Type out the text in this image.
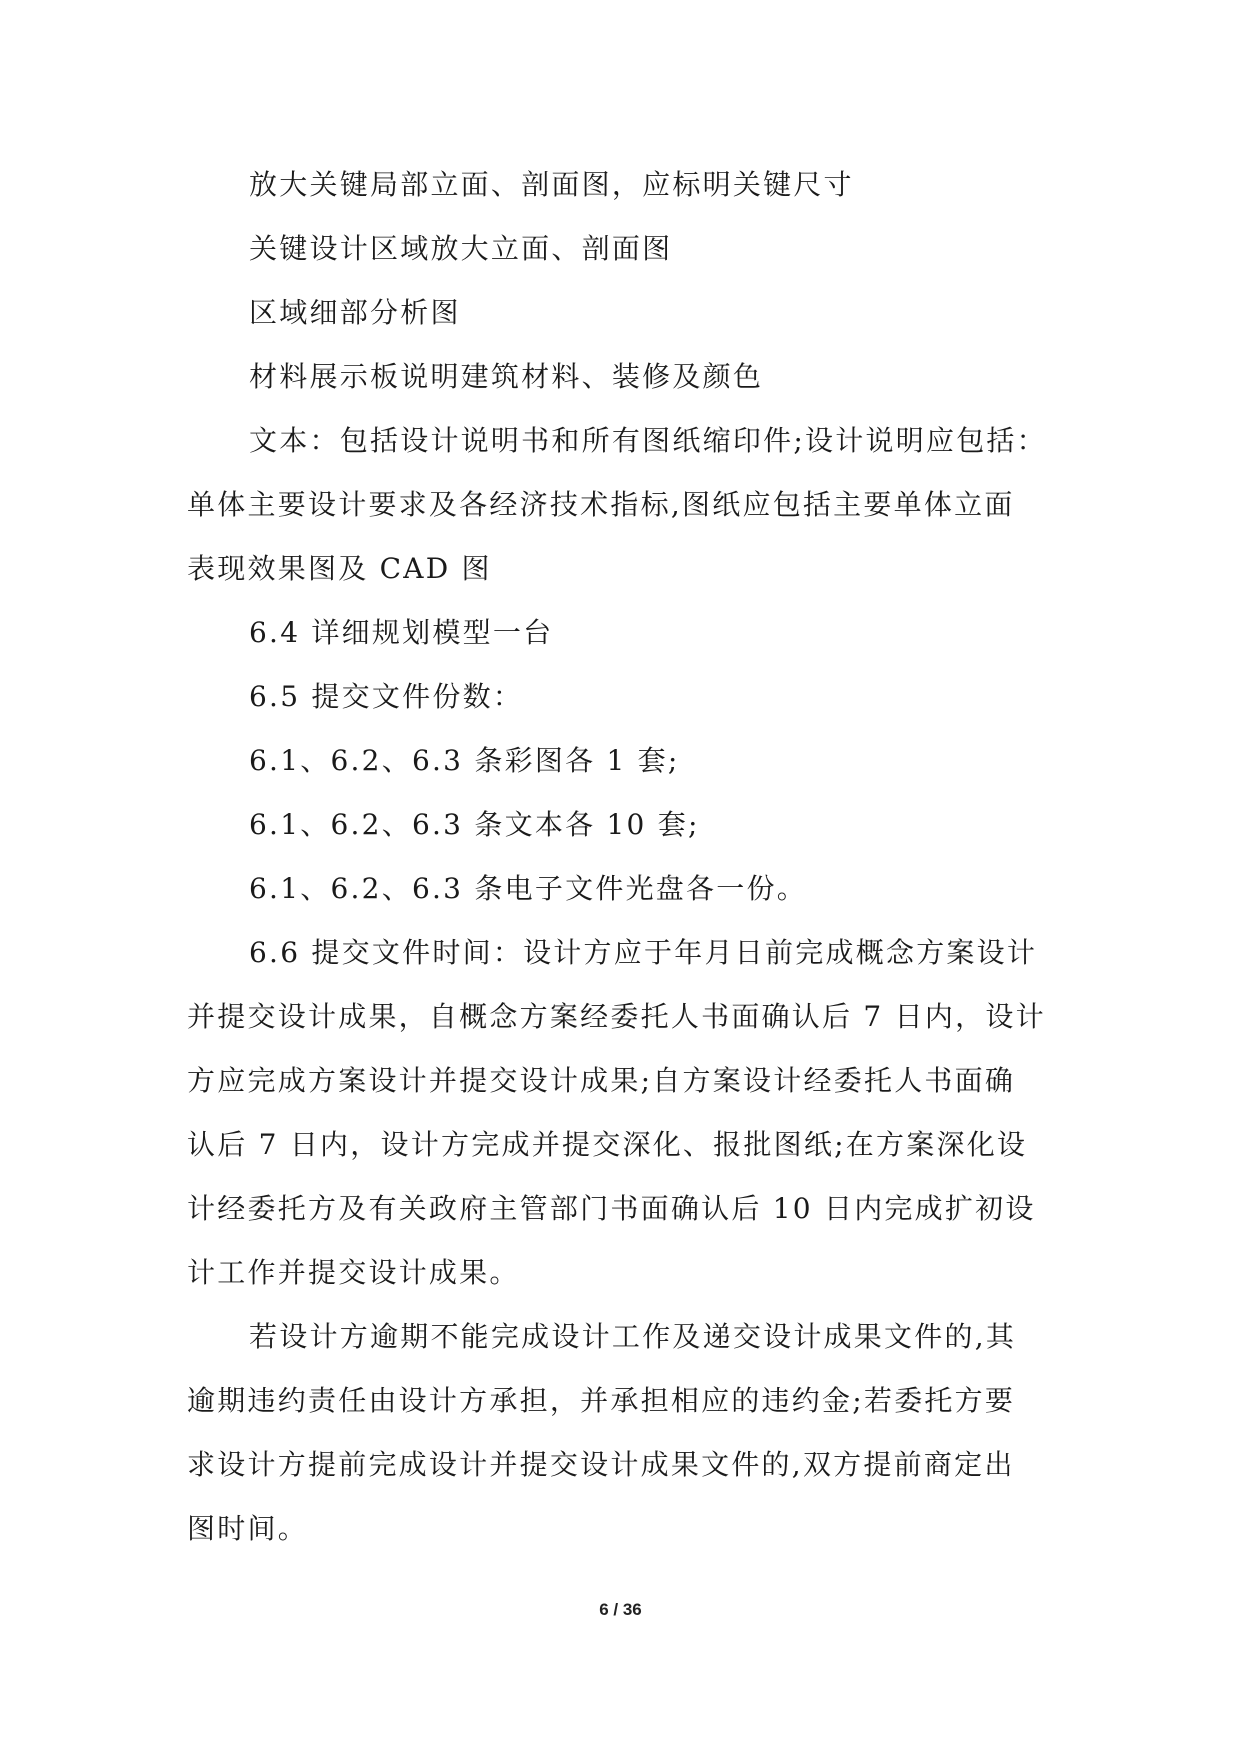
放大关键局部立面、剖面图，应标明关键尺寸
关键设计区域放大立面、剖面图
区域细部分析图
材料展示板说明建筑材料、装修及颜色
文本：包括设计说明书和所有图纸缩印件;设计说明应包括：
单体主要设计要求及各经济技术指标,图纸应包括主要单体立面
表现效果图及 CAD 图
6.4 详细规划模型一台
6.5 提交文件份数：
6.1、6.2、6.3 条彩图各 1 套;
6.1、6.2、6.3 条文本各 10 套;
6.1、6.2、6.3 条电子文件光盘各一份。
6.6 提交文件时间：设计方应于年月日前完成概念方案设计
并提交设计成果，自概念方案经委托人书面确认后 7 日内，设计
方应完成方案设计并提交设计成果;自方案设计经委托人书面确
认后 7 日内，设计方完成并提交深化、报批图纸;在方案深化设
计经委托方及有关政府主管部门书面确认后 10 日内完成扩初设
计工作并提交设计成果。
若设计方逾期不能完成设计工作及递交设计成果文件的,其
逾期违约责任由设计方承担，并承担相应的违约金;若委托方要
求设计方提前完成设计并提交设计成果文件的,双方提前商定出
图时间。
6 / 36
